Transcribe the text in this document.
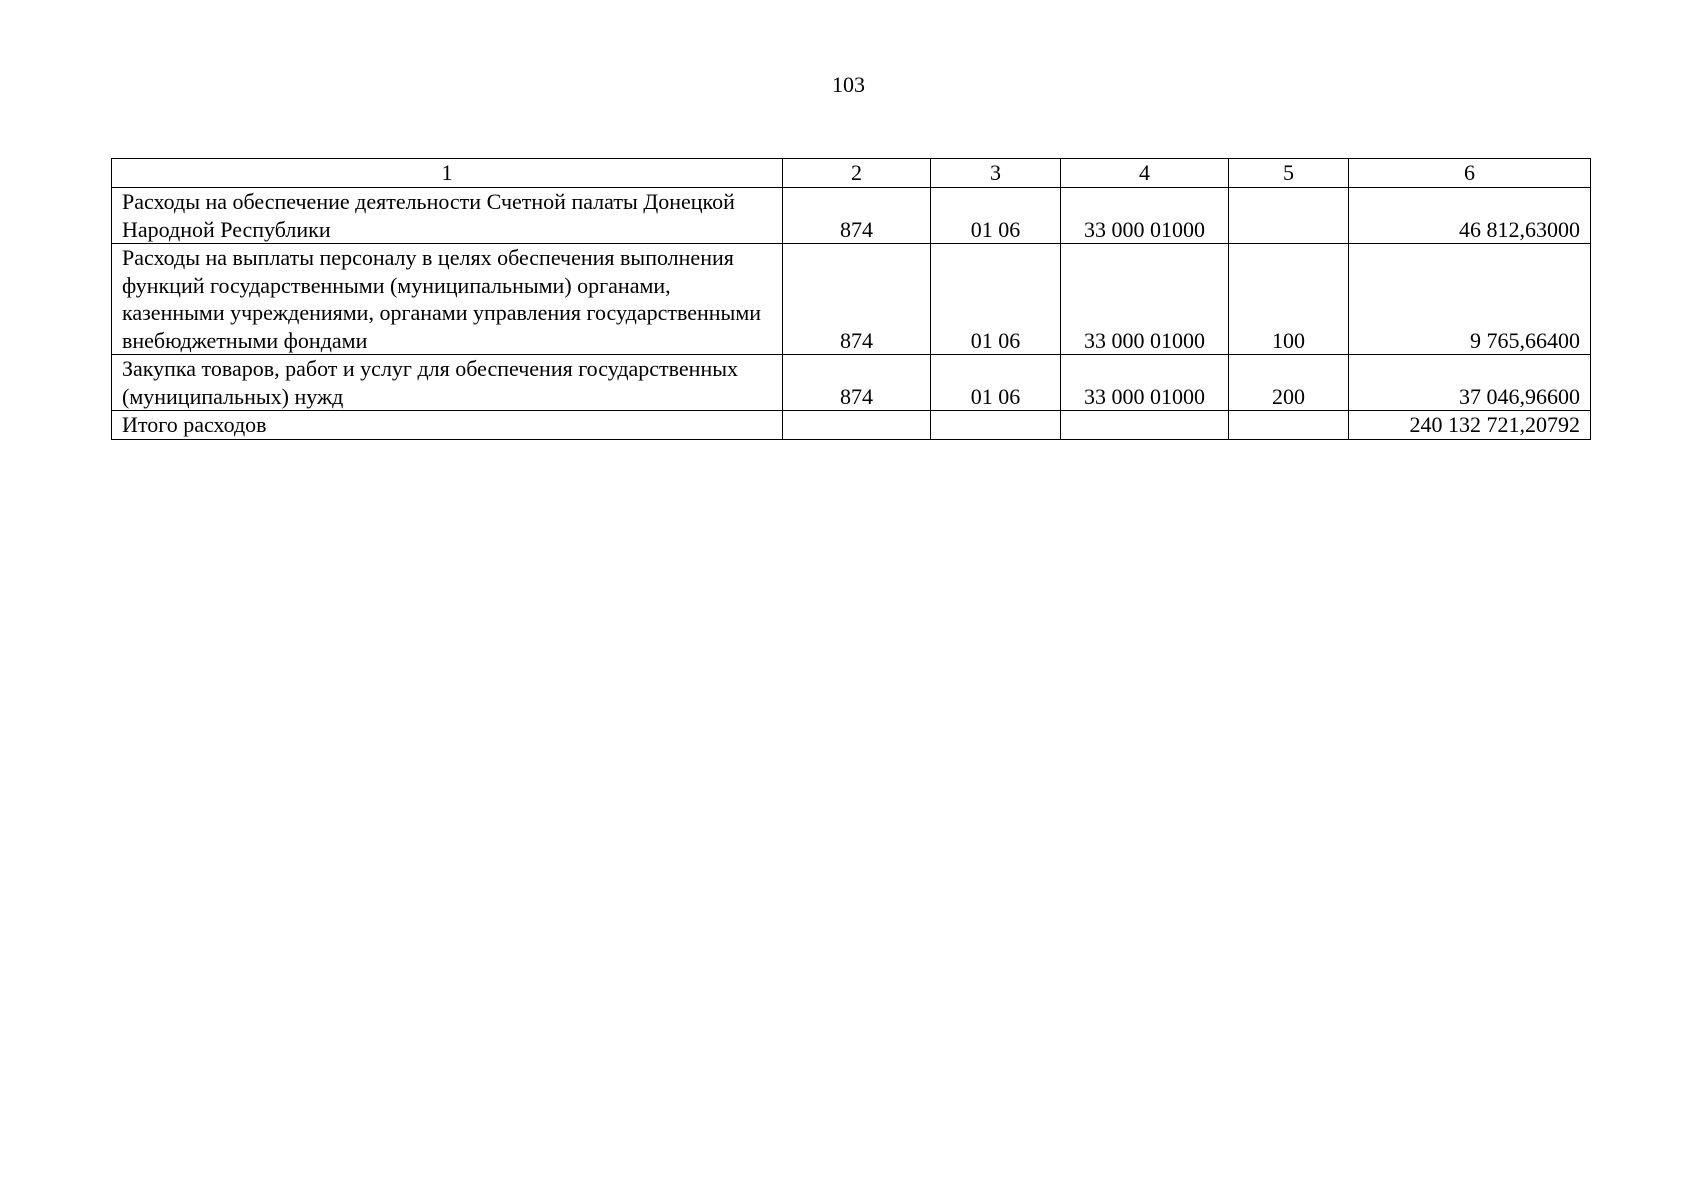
103
1	2	3	4	5	6
Расходы на обеспечение деятельности Счетной палаты Донецкой Народной Республики	874	01 06	33 000 01000		46 812,63000
Расходы на выплаты персоналу в целях обеспечения выполнения функций государственными (муниципальными) органами, казенными учреждениями, органами управления государственными внебюджетными фондами	874	01 06	33 000 01000	100	9 765,66400
Закупка товаров, работ и услуг для обеспечения государственных (муниципальных) нужд	874	01 06	33 000 01000	200	37 046,96600
Итого расходов					240 132 721,20792
